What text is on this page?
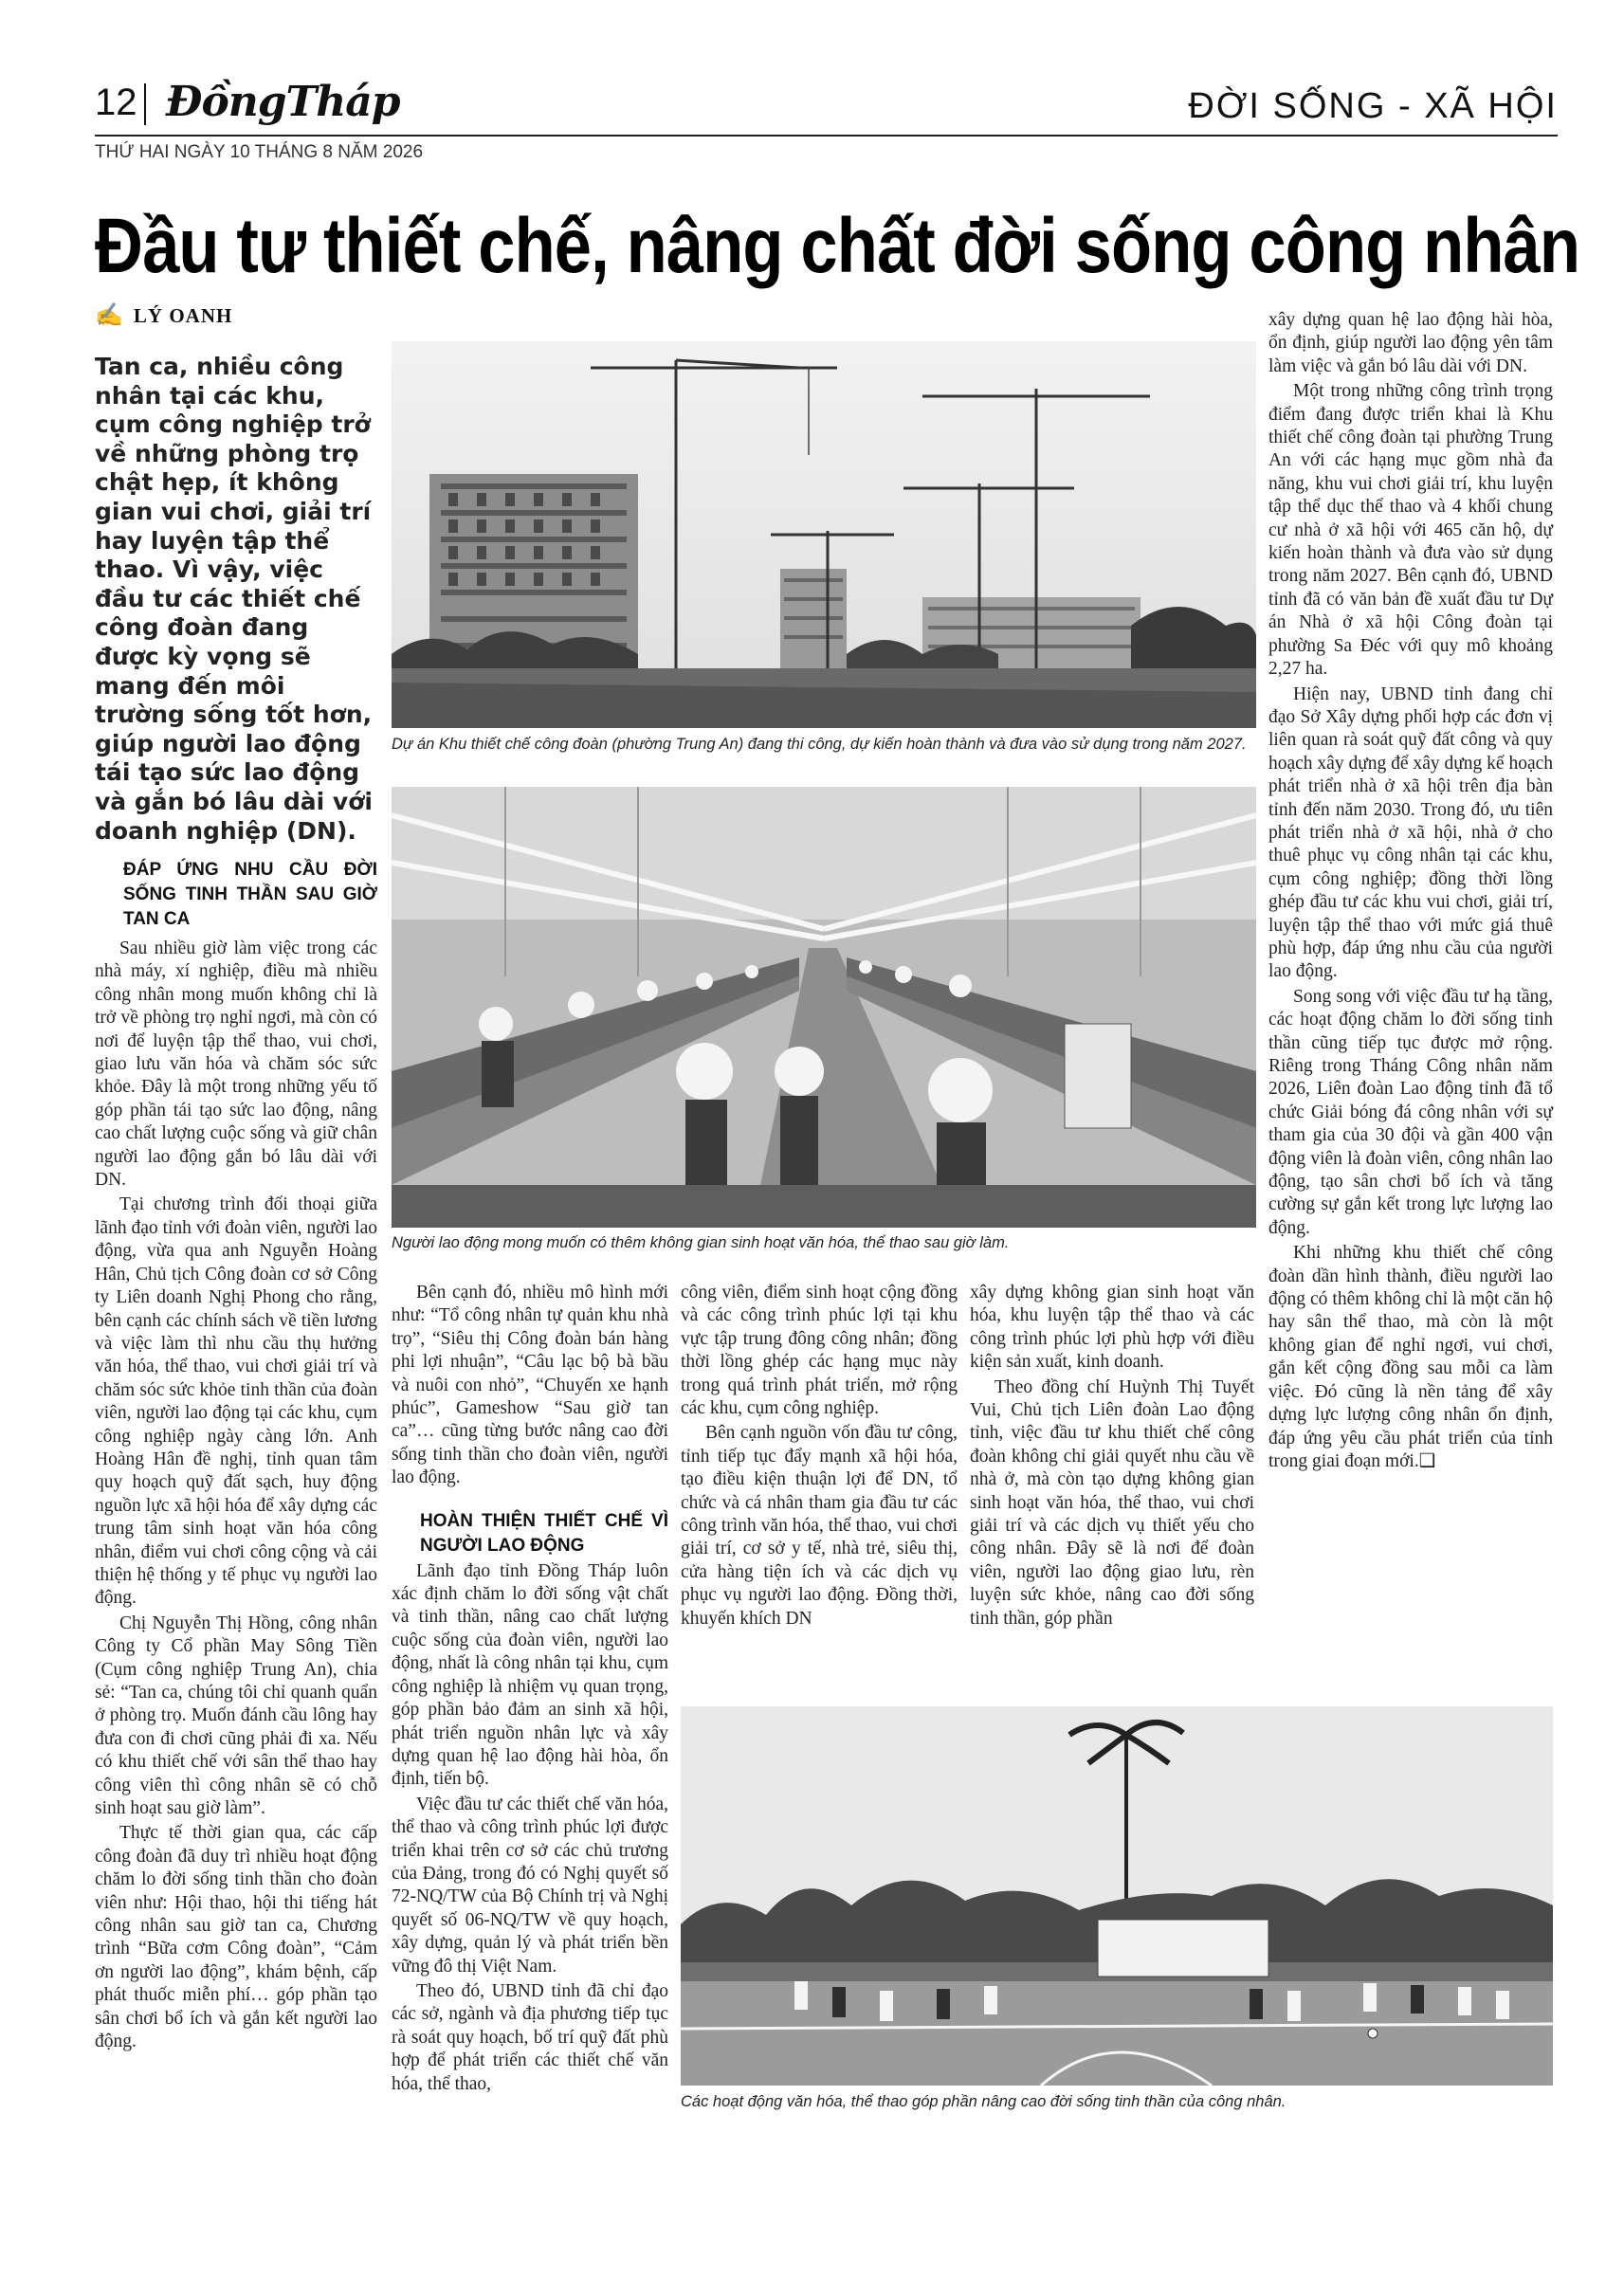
12 ĐồngTháp	ĐỜI SỐNG - XÃ HỘI
THỨ HAI NGÀY 10 THÁNG 8 NĂM 2026
Đầu tư thiết chế, nâng chất đời sống công nhân
✍ LÝ OANH
Tan ca, nhiều công nhân tại các khu, cụm công nghiệp trở về những phòng trọ chật hẹp, ít không gian vui chơi, giải trí hay luyện tập thể thao. Vì vậy, việc đầu tư các thiết chế công đoàn đang được kỳ vọng sẽ mang đến môi trường sống tốt hơn, giúp người lao động tái tạo sức lao động và gắn bó lâu dài với doanh nghiệp (DN).
ĐÁP ỨNG NHU CẦU ĐỜI SỐNG TINH THẦN SAU GIỜ TAN CA

Sau nhiều giờ làm việc trong các nhà máy, xí nghiệp, điều mà nhiều công nhân mong muốn không chỉ là trở về phòng trọ nghỉ ngơi, mà còn có nơi để luyện tập thể thao, vui chơi, giao lưu văn hóa và chăm sóc sức khỏe. Đây là một trong những yếu tố góp phần tái tạo sức lao động, nâng cao chất lượng cuộc sống và giữ chân người lao động gắn bó lâu dài với DN.

Tại chương trình đối thoại giữa lãnh đạo tỉnh với đoàn viên, người lao động, vừa qua anh Nguyễn Hoàng Hân, Chủ tịch Công đoàn cơ sở Công ty Liên doanh Nghị Phong cho rằng, bên cạnh các chính sách về tiền lương và việc làm thì nhu cầu thụ hưởng văn hóa, thể thao, vui chơi giải trí và chăm sóc sức khỏe tinh thần của đoàn viên, người lao động tại các khu, cụm công nghiệp ngày càng lớn. Anh Hoàng Hân đề nghị, tỉnh quan tâm quy hoạch quỹ đất sạch, huy động nguồn lực xã hội hóa để xây dựng các trung tâm sinh hoạt văn hóa công nhân, điểm vui chơi công cộng và cải thiện hệ thống y tế phục vụ người lao động.

Chị Nguyễn Thị Hồng, công nhân Công ty Cổ phần May Sông Tiền (Cụm công nghiệp Trung An), chia sẻ: “Tan ca, chúng tôi chỉ quanh quẩn ở phòng trọ. Muốn đánh cầu lông hay đưa con đi chơi cũng phải đi xa. Nếu có khu thiết chế với sân thể thao hay công viên thì công nhân sẽ có chỗ sinh hoạt sau giờ làm”.

Thực tế thời gian qua, các cấp công đoàn đã duy trì nhiều hoạt động chăm lo đời sống tinh thần cho đoàn viên như: Hội thao, hội thi tiếng hát công nhân sau giờ tan ca, Chương trình “Bữa cơm Công đoàn”, “Cảm ơn người lao động”, khám bệnh, cấp phát thuốc miễn phí… góp phần tạo sân chơi bổ ích và gắn kết người lao động.

Dự án Khu thiết chế công đoàn (phường Trung An) đang thi công, dự kiến hoàn thành và đưa vào sử dụng trong năm 2027.
Người lao động mong muốn có thêm không gian sinh hoạt văn hóa, thể thao sau giờ làm.

Bên cạnh đó, nhiều mô hình mới như: “Tổ công nhân tự quản khu nhà trọ”, “Siêu thị Công đoàn bán hàng phi lợi nhuận”, “Câu lạc bộ bà bầu và nuôi con nhỏ”, “Chuyến xe hạnh phúc”, Gameshow “Sau giờ tan ca”… cũng từng bước nâng cao đời sống tinh thần cho đoàn viên, người lao động.

HOÀN THIỆN THIẾT CHẾ VÌ NGƯỜI LAO ĐỘNG

Lãnh đạo tỉnh Đồng Tháp luôn xác định chăm lo đời sống vật chất và tinh thần, nâng cao chất lượng cuộc sống của đoàn viên, người lao động, nhất là công nhân tại khu, cụm công nghiệp là nhiệm vụ quan trọng, góp phần bảo đảm an sinh xã hội, phát triển nguồn nhân lực và xây dựng quan hệ lao động hài hòa, ổn định, tiến bộ.

Việc đầu tư các thiết chế văn hóa, thể thao và công trình phúc lợi được triển khai trên cơ sở các chủ trương của Đảng, trong đó có Nghị quyết số 72-NQ/TW của Bộ Chính trị và Nghị quyết số 06-NQ/TW về quy hoạch, xây dựng, quản lý và phát triển bền vững đô thị Việt Nam.

Theo đó, UBND tỉnh đã chỉ đạo các sở, ngành và địa phương tiếp tục rà soát quy hoạch, bố trí quỹ đất phù hợp để phát triển các thiết chế văn hóa, thể thao,

công viên, điểm sinh hoạt cộng đồng và các công trình phúc lợi tại khu vực tập trung đông công nhân; đồng thời lồng ghép các hạng mục này trong quá trình phát triển, mở rộng các khu, cụm công nghiệp.

Bên cạnh nguồn vốn đầu tư công, tỉnh tiếp tục đẩy mạnh xã hội hóa, tạo điều kiện thuận lợi để DN, tổ chức và cá nhân tham gia đầu tư các công trình văn hóa, thể thao, vui chơi giải trí, cơ sở y tế, nhà trẻ, siêu thị, cửa hàng tiện ích và các dịch vụ phục vụ người lao động. Đồng thời, khuyến khích DN

xây dựng không gian sinh hoạt văn hóa, khu luyện tập thể thao và các công trình phúc lợi phù hợp với điều kiện sản xuất, kinh doanh.

Theo đồng chí Huỳnh Thị Tuyết Vui, Chủ tịch Liên đoàn Lao động tỉnh, việc đầu tư khu thiết chế công đoàn không chỉ giải quyết nhu cầu về nhà ở, mà còn tạo dựng không gian sinh hoạt văn hóa, thể thao, vui chơi giải trí và các dịch vụ thiết yếu cho công nhân. Đây sẽ là nơi để đoàn viên, người lao động giao lưu, rèn luyện sức khỏe, nâng cao đời sống tinh thần, góp phần

xây dựng quan hệ lao động hài hòa, ổn định, giúp người lao động yên tâm làm việc và gắn bó lâu dài với DN.

Một trong những công trình trọng điểm đang được triển khai là Khu thiết chế công đoàn tại phường Trung An với các hạng mục gồm nhà đa năng, khu vui chơi giải trí, khu luyện tập thể dục thể thao và 4 khối chung cư nhà ở xã hội với 465 căn hộ, dự kiến hoàn thành và đưa vào sử dụng trong năm 2027. Bên cạnh đó, UBND tỉnh đã có văn bản đề xuất đầu tư Dự án Nhà ở xã hội Công đoàn tại phường Sa Đéc với quy mô khoảng 2,27 ha.

Hiện nay, UBND tỉnh đang chỉ đạo Sở Xây dựng phối hợp các đơn vị liên quan rà soát quỹ đất công và quy hoạch xây dựng để xây dựng kế hoạch phát triển nhà ở xã hội trên địa bàn tỉnh đến năm 2030. Trong đó, ưu tiên phát triển nhà ở xã hội, nhà ở cho thuê phục vụ công nhân tại các khu, cụm công nghiệp; đồng thời lồng ghép đầu tư các khu vui chơi, giải trí, luyện tập thể thao với mức giá thuê phù hợp, đáp ứng nhu cầu của người lao động.

Song song với việc đầu tư hạ tầng, các hoạt động chăm lo đời sống tinh thần cũng tiếp tục được mở rộng. Riêng trong Tháng Công nhân năm 2026, Liên đoàn Lao động tỉnh đã tổ chức Giải bóng đá công nhân với sự tham gia của 30 đội và gần 400 vận động viên là đoàn viên, công nhân lao động, tạo sân chơi bổ ích và tăng cường sự gắn kết trong lực lượng lao động.

Khi những khu thiết chế công đoàn dần hình thành, điều người lao động có thêm không chỉ là một căn hộ hay sân thể thao, mà còn là một không gian để nghỉ ngơi, vui chơi, gắn kết cộng đồng sau mỗi ca làm việc. Đó cũng là nền tảng để xây dựng lực lượng công nhân ổn định, đáp ứng yêu cầu phát triển của tỉnh trong giai đoạn mới.❑

Các hoạt động văn hóa, thể thao góp phần nâng cao đời sống tinh thần của công nhân.
